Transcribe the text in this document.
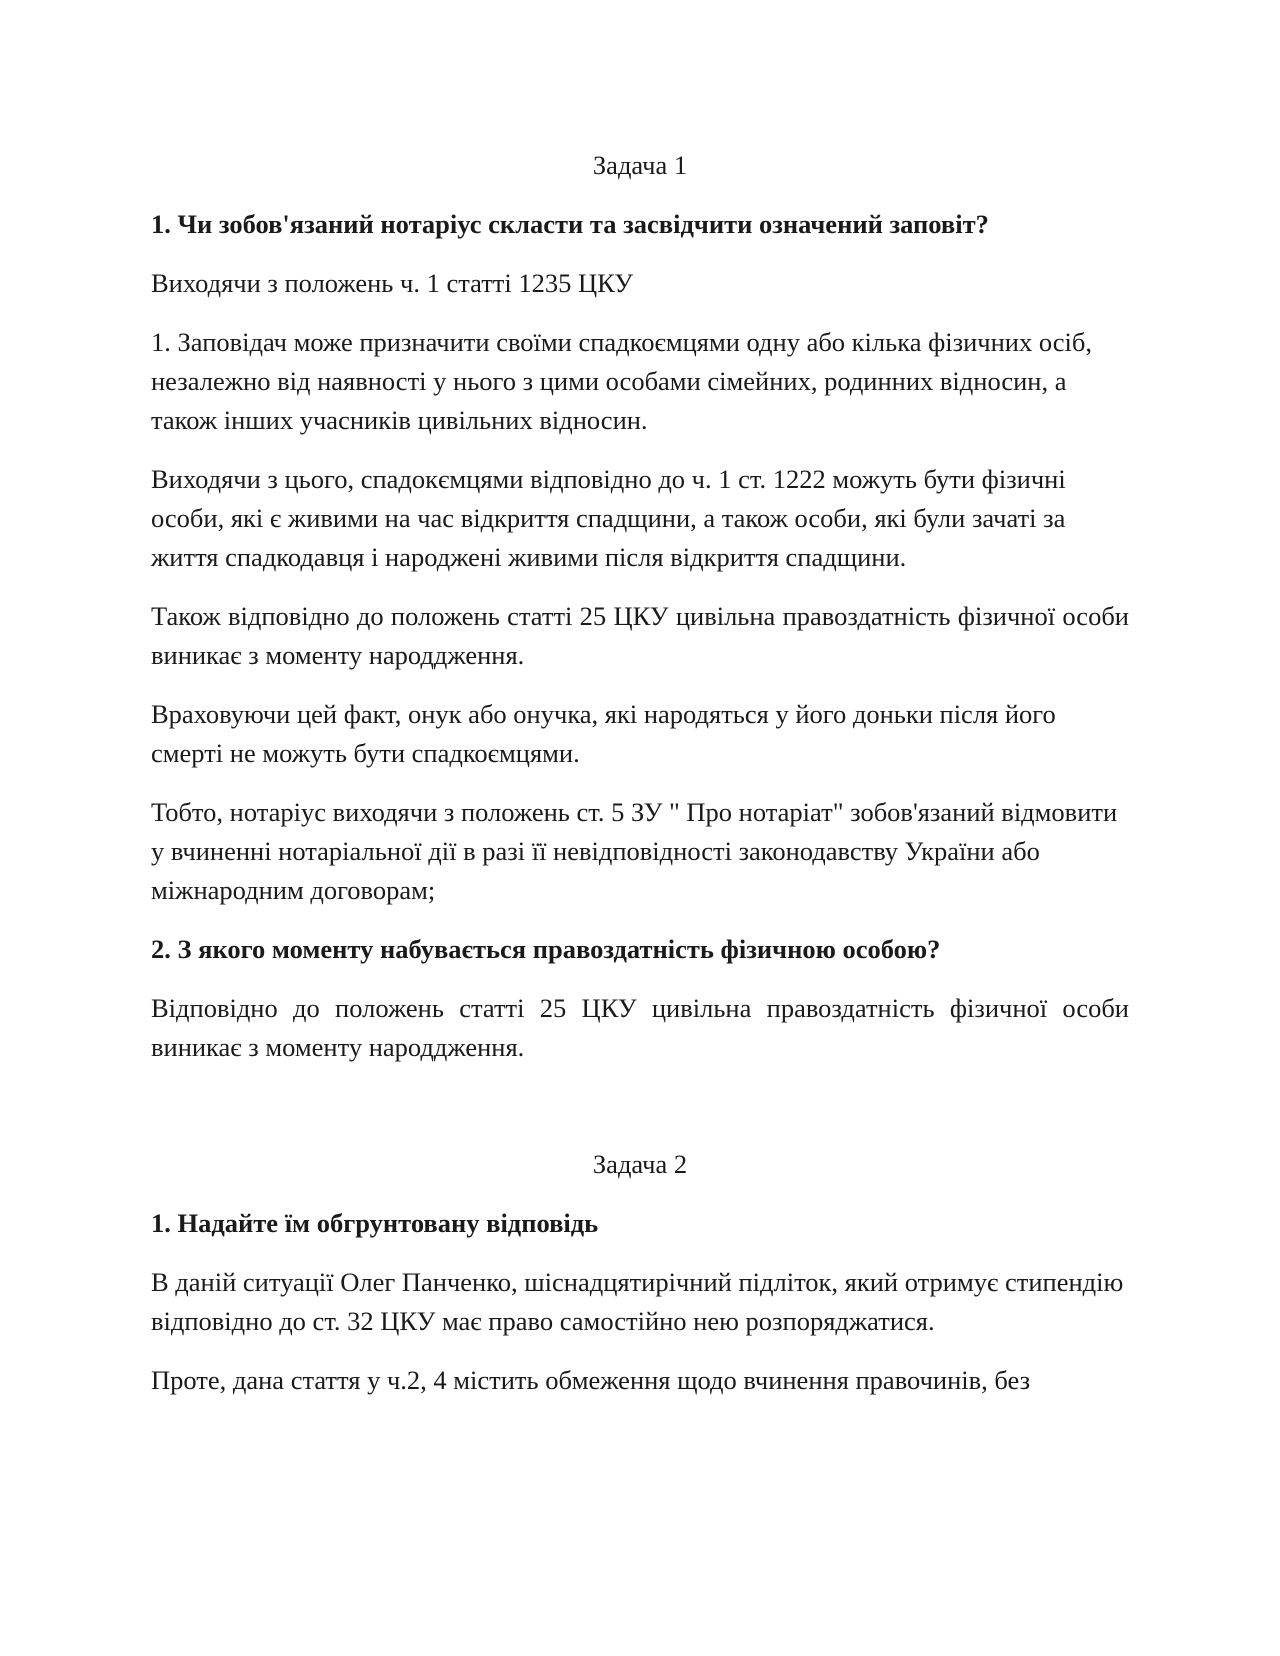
Задача 1

1. Чи зобов'язаний нотаріус скласти та засвідчити означений заповіт?

Виходячи з положень ч. 1 статті 1235 ЦКУ

1. Заповідач може призначити своїми спадкоємцями одну або кілька фізичних осіб, незалежно від наявності у нього з цими особами сімейних, родинних відносин, а також інших учасників цивільних відносин.

Виходячи з цього, спадокємцями відповідно до ч. 1 ст. 1222 можуть бути фізичні особи, які є живими на час відкриття спадщини, а також особи, які були зачаті за життя спадкодавця і народжені живими після відкриття спадщини.

Також відповідно до положень статті 25 ЦКУ цивільна правоздатність фізичної особи виникає з моменту народдження.

Враховуючи цей факт, онук або онучка, які народяться у його доньки після його смерті не можуть бути спадкоємцями.

Тобто, нотаріус виходячи з положень ст. 5 ЗУ " Про нотаріат" зобов'язаний відмовити у вчиненні нотаріальної дії в разі її невідповідності законодавству України або міжнародним договорам;

2. З якого моменту набувається правоздатність фізичною особою?

Відповідно до положень статті 25 ЦКУ цивільна правоздатність фізичної особи виникає з моменту народдження.

Задача 2

1. Надайте їм обгрунтовану відповідь

В даній ситуації Олег Панченко, шіснадцятирічний підліток, який отримує стипендію відповідно до ст. 32 ЦКУ має право самостійно нею розпоряджатися.

Проте, дана стаття у ч.2, 4 містить обмеження щодо вчинення правочинів, без
